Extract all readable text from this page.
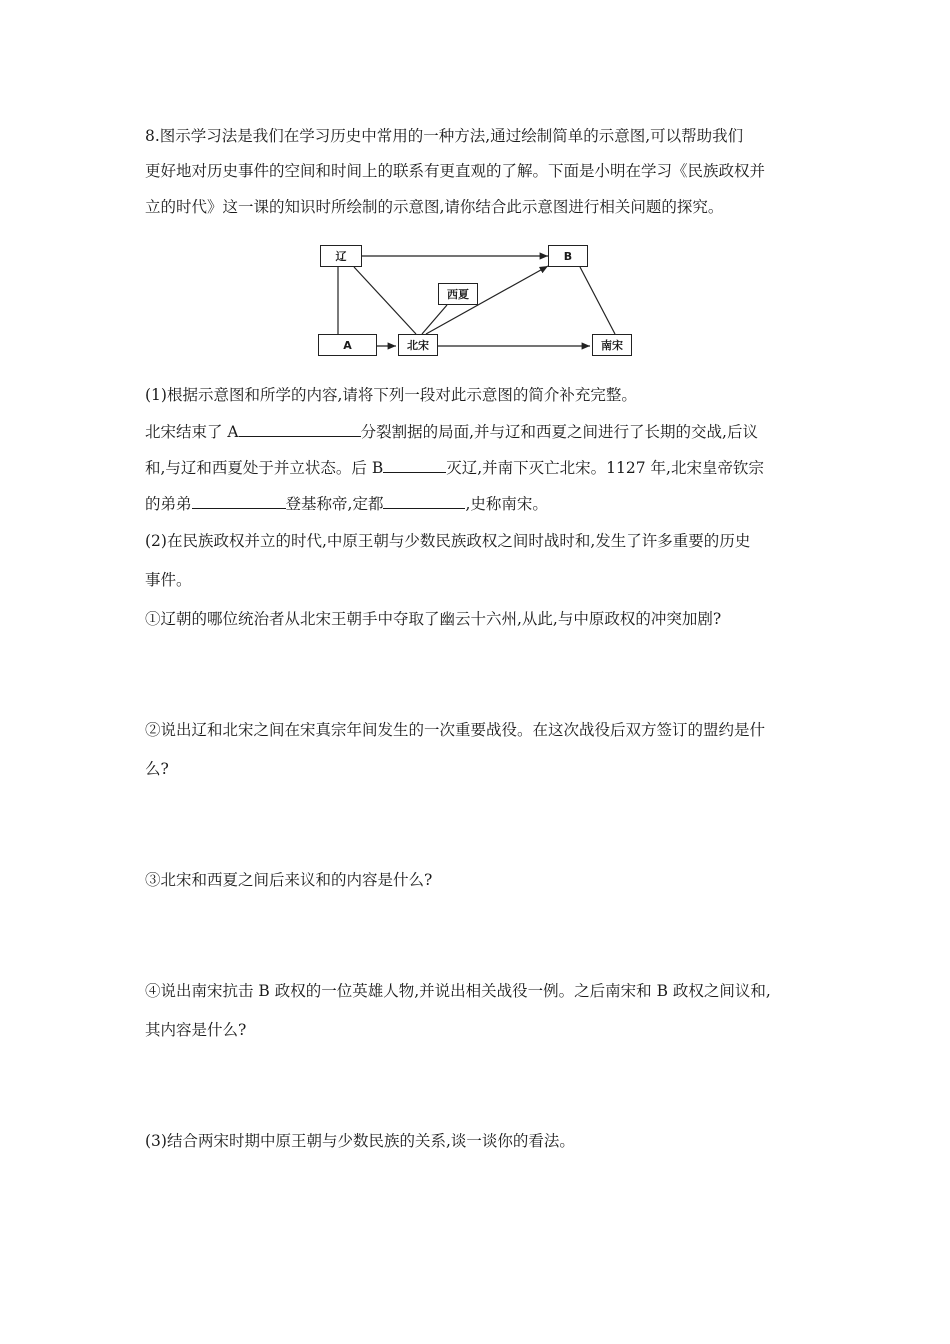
8.图示学习法是我们在学习历史中常用的一种方法,通过绘制简单的示意图,可以帮助我们
更好地对历史事件的空间和时间上的联系有更直观的了解。下面是小明在学习《民族政权并
立的时代》这一课的知识时所绘制的示意图,请你结合此示意图进行相关问题的探究。
辽	B
西夏
A	北宋	南宋
(1)根据示意图和所学的内容,请将下列一段对此示意图的简介补充完整。
北宋结束了 A	分裂割据的局面,并与辽和西夏之间进行了长期的交战,后议
和,与辽和西夏处于并立状态。后 B	灭辽,并南下灭亡北宋。1127 年,北宋皇帝钦宗
的弟弟	登基称帝,定都	,史称南宋。
(2)在民族政权并立的时代,中原王朝与少数民族政权之间时战时和,发生了许多重要的历史
事件。
①辽朝的哪位统治者从北宋王朝手中夺取了幽云十六州,从此,与中原政权的冲突加剧?
②说出辽和北宋之间在宋真宗年间发生的一次重要战役。在这次战役后双方签订的盟约是什
么?
③北宋和西夏之间后来议和的内容是什么?
④说出南宋抗击 B 政权的一位英雄人物,并说出相关战役一例。之后南宋和 B 政权之间议和,
其内容是什么?
(3)结合两宋时期中原王朝与少数民族的关系,谈一谈你的看法。
